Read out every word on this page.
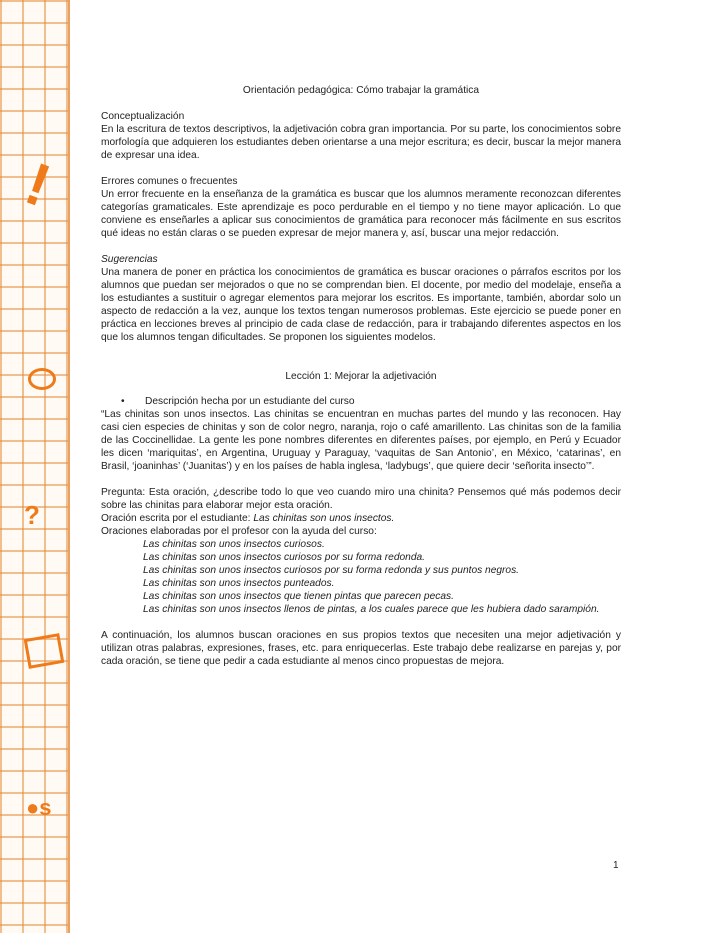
!
?
●s
Orientación pedagógica: Cómo trabajar la gramática
Conceptualización

En la escritura de textos descriptivos, la adjetivación cobra gran importancia. Por su parte, los conocimientos sobre morfología que adquieren los estudiantes deben orientarse a una mejor escritura; es decir, buscar la mejor manera de expresar una idea.

Errores comunes o frecuentes

Un error frecuente en la enseñanza de la gramática es buscar que los alumnos meramente reconozcan diferentes categorías gramaticales. Este aprendizaje es poco perdurable en el tiempo y no tiene mayor aplicación. Lo que conviene es enseñarles a aplicar sus conocimientos de gramática para reconocer más fácilmente en sus escritos qué ideas no están claras o se pueden expresar de mejor manera y, así, buscar una mejor redacción.

Sugerencias

Una manera de poner en práctica los conocimientos de gramática es buscar oraciones o párrafos escritos por los alumnos que puedan ser mejorados o que no se comprendan bien. El docente, por medio del modelaje, enseña a los estudiantes a sustituir o agregar elementos para mejorar los escritos. Es importante, también, abordar solo un aspecto de redacción a la vez, aunque los textos tengan numerosos problemas. Este ejercicio se puede poner en práctica en lecciones breves al principio de cada clase de redacción, para ir trabajando diferentes aspectos en los que los alumnos tengan dificultades. Se proponen los siguientes modelos.

Lección 1: Mejorar la adjetivación
• Descripción hecha por un estudiante del curso

“Las chinitas son unos insectos. Las chinitas se encuentran en muchas partes del mundo y las reconocen. Hay casi cien especies de chinitas y son de color negro, naranja, rojo o café amarillento. Las chinitas son de la familia de las Coccinellidae. La gente les pone nombres diferentes en diferentes países, por ejemplo, en Perú y Ecuador les dicen ‘mariquitas’, en Argentina, Uruguay y Paraguay, ‘vaquitas de San Antonio’, en México, ‘catarinas’, en Brasil, ‘joaninhas’ (‘Juanitas’) y en los países de habla inglesa, ‘ladybugs’, que quiere decir ‘señorita insecto’”.

Pregunta: Esta oración, ¿describe todo lo que veo cuando miro una chinita? Pensemos qué más podemos decir sobre las chinitas para elaborar mejor esta oración.
Oración escrita por el estudiante: Las chinitas son unos insectos.
Oraciones elaboradas por el profesor con la ayuda del curso:
Las chinitas son unos insectos curiosos.
Las chinitas son unos insectos curiosos por su forma redonda.
Las chinitas son unos insectos curiosos por su forma redonda y sus puntos negros.
Las chinitas son unos insectos punteados.
Las chinitas son unos insectos que tienen pintas que parecen pecas.
Las chinitas son unos insectos llenos de pintas, a los cuales parece que les hubiera dado sarampión.

A continuación, los alumnos buscan oraciones en sus propios textos que necesiten una mejor adjetivación y utilizan otras palabras, expresiones, frases, etc. para enriquecerlas. Este trabajo debe realizarse en parejas y, por cada oración, se tiene que pedir a cada estudiante al menos cinco propuestas de mejora.

1
